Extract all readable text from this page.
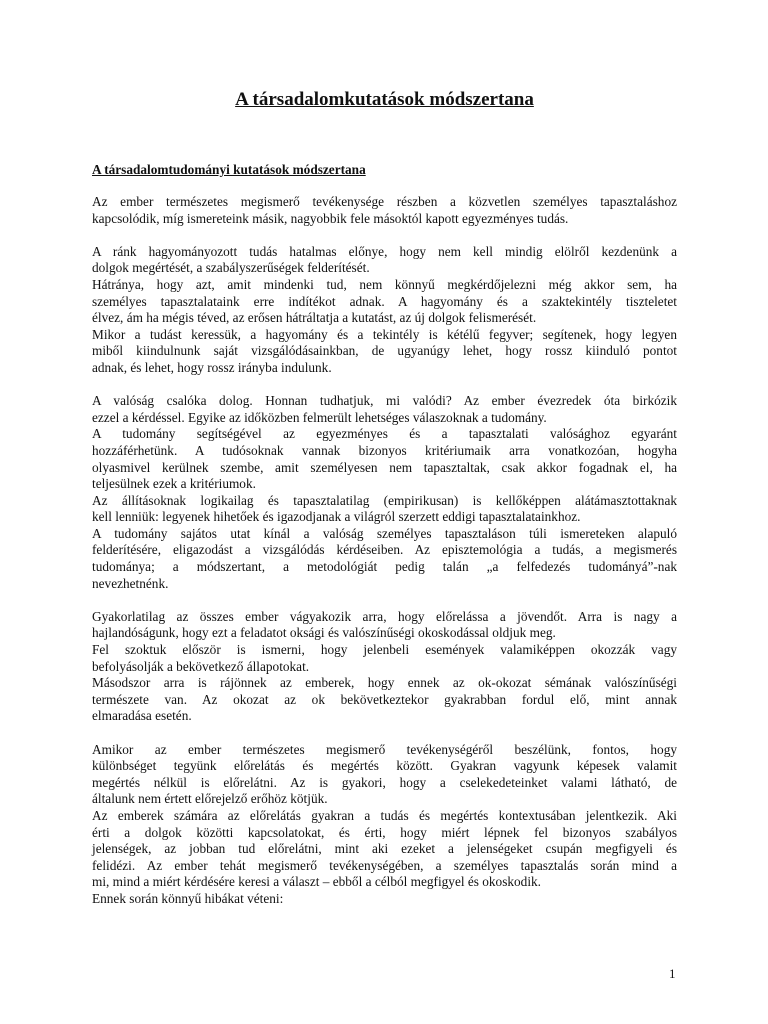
A társadalomkutatások módszertana
A társadalomtudományi kutatások módszertana

Az ember természetes megismerő tevékenysége részben a közvetlen személyes tapasztaláshoz
kapcsolódik, míg ismereteink másik, nagyobbik fele másoktól kapott egyezményes tudás.

A ránk hagyományozott tudás hatalmas előnye, hogy nem kell mindig elölről kezdenünk a
dolgok megértését, a szabályszerűségek felderítését.
Hátránya, hogy azt, amit mindenki tud, nem könnyű megkérdőjelezni még akkor sem, ha
személyes tapasztalataink erre indítékot adnak. A hagyomány és a szaktekintély tiszteletet
élvez, ám ha mégis téved, az erősen hátráltatja a kutatást, az új dolgok felismerését.
Mikor a tudást keressük, a hagyomány és a tekintély is kétélű fegyver; segítenek, hogy legyen
miből kiindulnunk saját vizsgálódásainkban, de ugyanúgy lehet, hogy rossz kiinduló pontot
adnak, és lehet, hogy rossz irányba indulunk.

A valóság csalóka dolog. Honnan tudhatjuk, mi valódi? Az ember évezredek óta birkózik
ezzel a kérdéssel. Egyike az időközben felmerült lehetséges válaszoknak a tudomány.
A tudomány segítségével az egyezményes és a tapasztalati valósághoz egyaránt
hozzáférhetünk. A tudósoknak vannak bizonyos kritériumaik arra vonatkozóan, hogyha
olyasmivel kerülnek szembe, amit személyesen nem tapasztaltak, csak akkor fogadnak el, ha
teljesülnek ezek a kritériumok.
Az állításoknak logikailag és tapasztalatilag (empirikusan) is kellőképpen alátámasztottaknak
kell lenniük: legyenek hihetőek és igazodjanak a világról szerzett eddigi tapasztalatainkhoz.
A tudomány sajátos utat kínál a valóság személyes tapasztaláson túli ismereteken alapuló
felderítésére, eligazodást a vizsgálódás kérdéseiben. Az episztemológia a tudás, a megismerés
tudománya; a módszertant, a metodológiát pedig talán „a felfedezés tudományá”-nak
nevezhetnénk.

Gyakorlatilag az összes ember vágyakozik arra, hogy előrelássa a jövendőt. Arra is nagy a
hajlandóságunk, hogy ezt a feladatot oksági és valószínűségi okoskodással oldjuk meg.
Fel szoktuk először is ismerni, hogy jelenbeli események valamiképpen okozzák vagy
befolyásolják a bekövetkező állapotokat.
Másodszor arra is rájönnek az emberek, hogy ennek az ok-okozat sémának valószínűségi
természete van. Az okozat az ok bekövetkeztekor gyakrabban fordul elő, mint annak
elmaradása esetén.

Amikor az ember természetes megismerő tevékenységéről beszélünk, fontos, hogy
különbséget tegyünk előrelátás és megértés között. Gyakran vagyunk képesek valamit
megértés nélkül is előrelátni. Az is gyakori, hogy a cselekedeteinket valami látható, de
általunk nem értett előrejelző erőhöz kötjük.
Az emberek számára az előrelátás gyakran a tudás és megértés kontextusában jelentkezik. Aki
érti a dolgok közötti kapcsolatokat, és érti, hogy miért lépnek fel bizonyos szabályos
jelenségek, az jobban tud előrelátni, mint aki ezeket a jelenségeket csupán megfigyeli és
felidézi. Az ember tehát megismerő tevékenységében, a személyes tapasztalás során mind a
mi, mind a miért kérdésére keresi a választ – ebből a célból megfigyel és okoskodik.
Ennek során könnyű hibákat véteni:

1
